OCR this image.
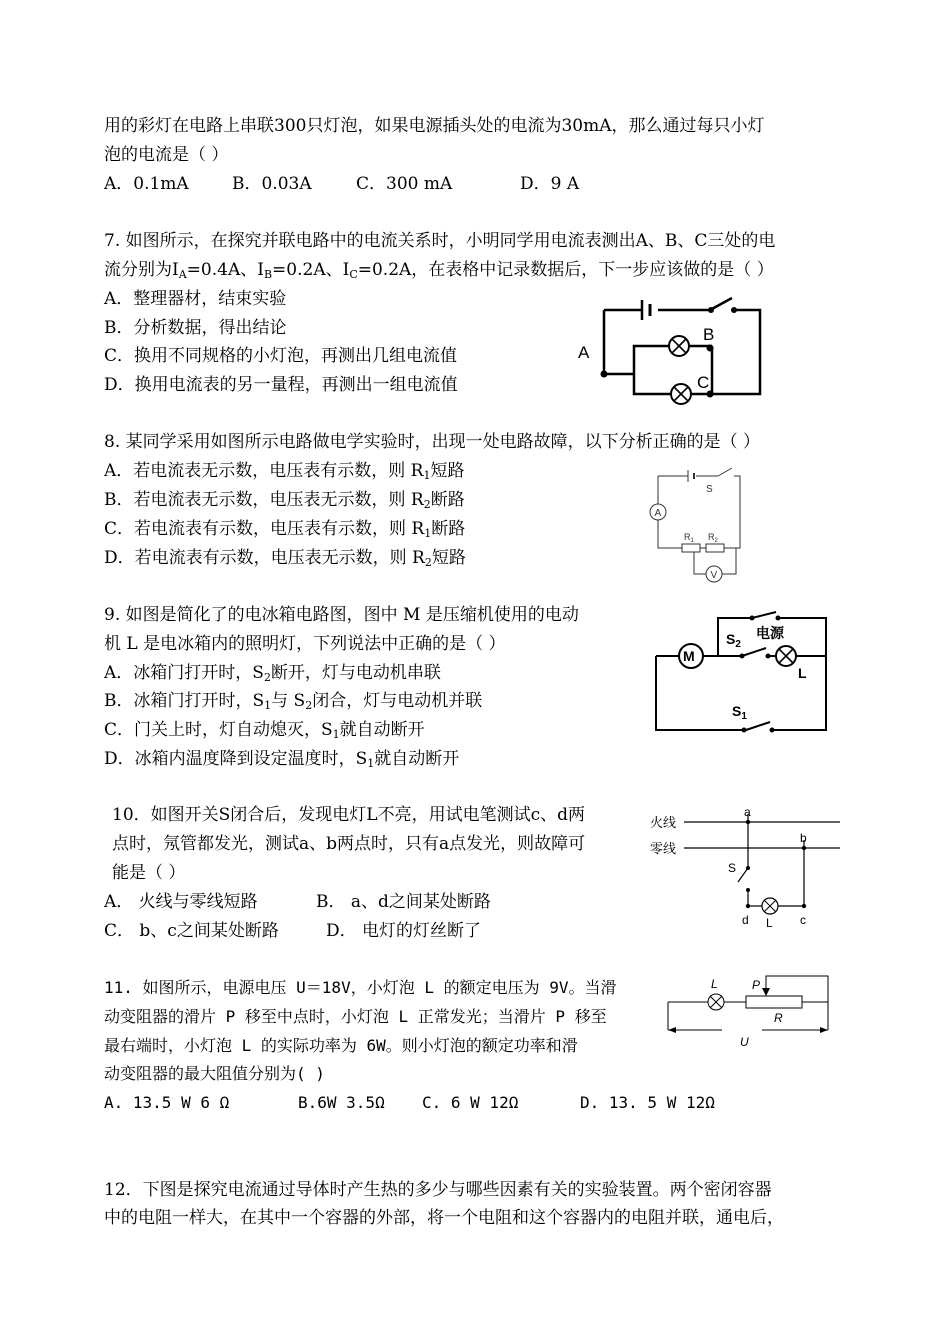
用的彩灯在电路上串联300只灯泡，如果电源插头处的电流为30mA，那么通过每只小灯
泡的电流是（ ）
A．0.1mA	B．0.03A	C．300 mA	D．9 A
7. 如图所示，在探究并联电路中的电流关系时，小明同学用电流表测出A、B、C三处的电
流分别为$I_A=0.4A$、$I_B=0.2A$、$I_C=0.2A$，在表格中记录数据后，下一步应该做的是（ ）
A．整理器材，结束实验
B．分析数据，得出结论
C．换用不同规格的小灯泡，再测出几组电流值
D．换用电流表的另一量程，再测出一组电流值
A
B
C
8. 某同学采用如图所示电路做电学实验时，出现一处电路故障，以下分析正确的是（ ）
A．若电流表无示数，电压表有示数，则 $R_1$短路
B．若电流表无示数，电压表无示数，则 $R_2$断路
C．若电流表有示数，电压表有示数，则 $R_1$断路
D．若电流表有示数，电压表无示数，则 $R_2$短路
S
A
$R_1$ $R_2$
V
9. 如图是简化了的电冰箱电路图，图中 M 是压缩机使用的电动
机 L 是电冰箱内的照明灯，下列说法中正确的是（ ）
A．冰箱门打开时，$S_2$断开，灯与电动机串联
B．冰箱门打开时，$S_1$与 $S_2$闭合，灯与电动机并联
C．门关上时，灯自动熄灭，$S_1$就自动断开
D．冰箱内温度降到设定温度时，$S_1$就自动断开
M
$S_2$
电源
L
$S_1$
10．如图开关S闭合后，发现电灯L不亮，用试电笔测试c、d两
点时，氖管都发光，测试a、b两点时，只有a点发光，则故障可
能是（ ）
A． 火线与零线短路	B． a、d之间某处断路
C． b、c之间某处断路	D． 电灯的灯丝断了
火线
零线
a
b
S
d	c
L
11. 如图所示，电源电压 U＝18V，小灯泡 L 的额定电压为 9V。当滑
动变阻器的滑片 P 移至中点时，小灯泡 L 正常发光；当滑片 P 移至
最右端时，小灯泡 L 的实际功率为 6W。则小灯泡的额定功率和滑
动变阻器的最大阻值分别为( )
A. 13.5 W 6 Ω	B.6W 3.5Ω C. 6 W 12Ω	D. 13. 5 W 12Ω
L	P
R
U
12．下图是探究电流通过导体时产生热的多少与哪些因素有关的实验装置。两个密闭容器
中的电阻一样大，在其中一个容器的外部，将一个电阻和这个容器内的电阻并联，通电后，
